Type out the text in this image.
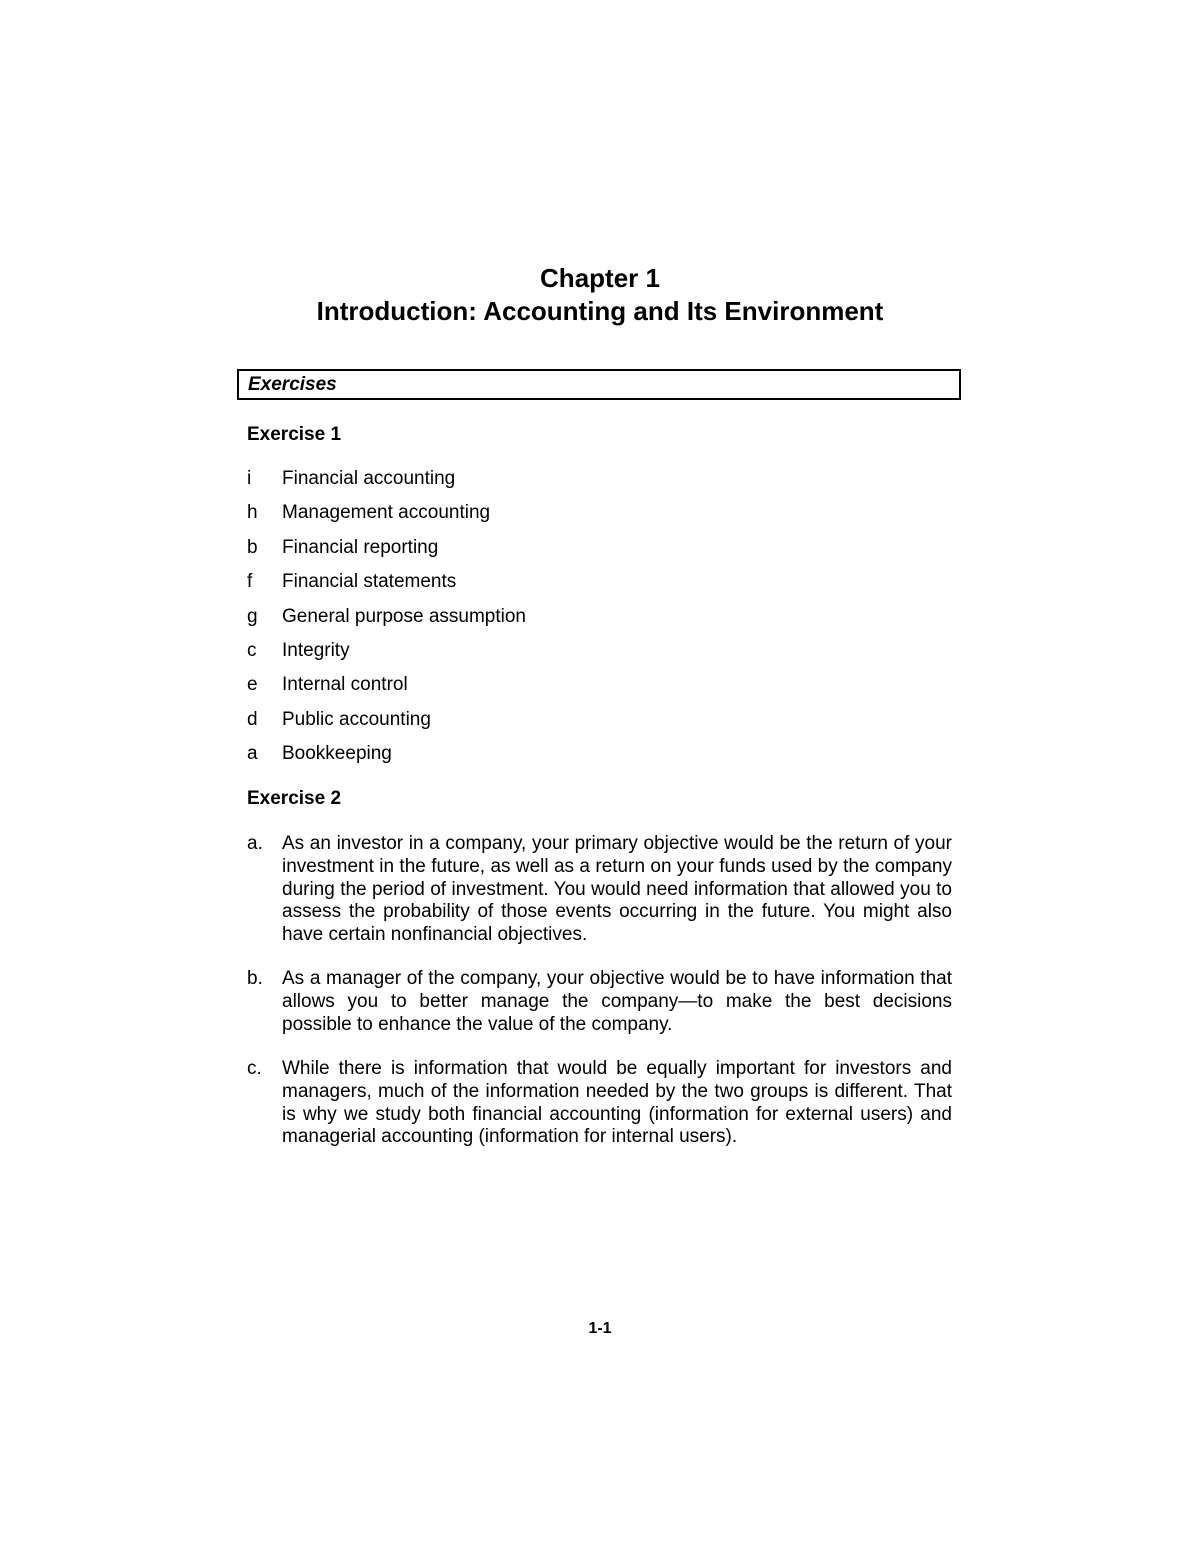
Chapter 1
Introduction: Accounting and Its Environment
Exercises
Exercise 1
i Financial accounting
h Management accounting
b Financial reporting
f Financial statements
g General purpose assumption
c Integrity
e Internal control
d Public accounting
a Bookkeeping
Exercise 2
a. As an investor in a company, your primary objective would be the return of your investment in the future, as well as a return on your funds used by the company during the period of investment. You would need information that allowed you to assess the probability of those events occurring in the future. You might also have certain nonfinancial objectives.
b. As a manager of the company, your objective would be to have information that allows you to better manage the company—to make the best decisions possible to enhance the value of the company.
c. While there is information that would be equally important for investors and managers, much of the information needed by the two groups is different. That is why we study both financial accounting (information for external users) and managerial accounting (information for internal users).
1-1
